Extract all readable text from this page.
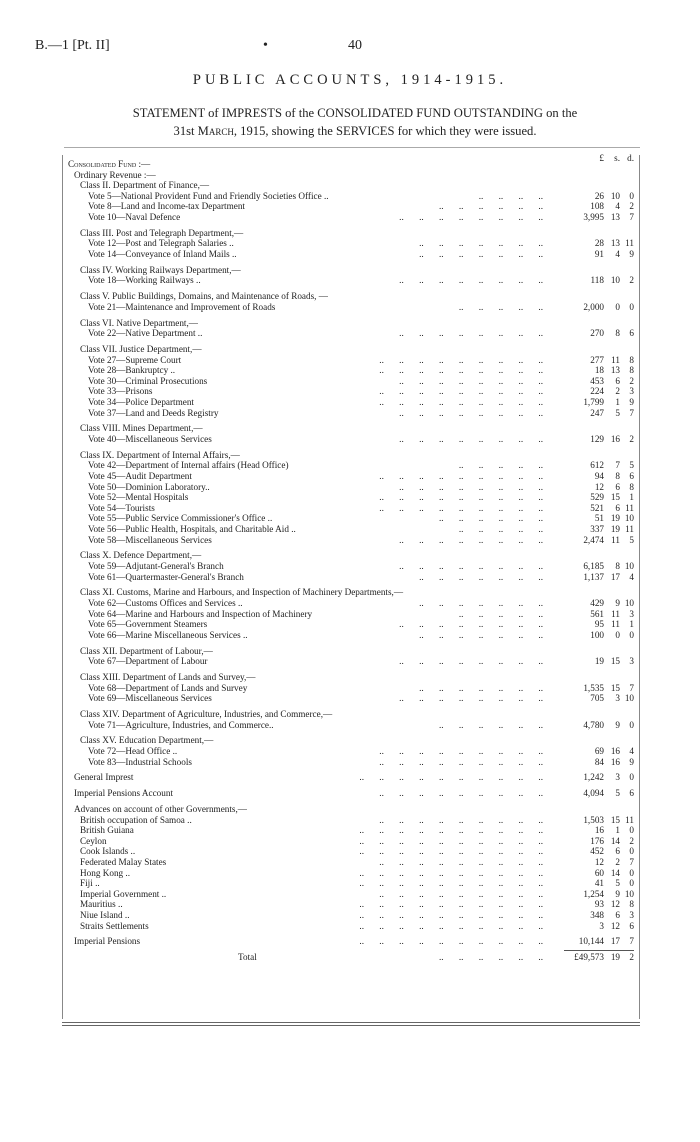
B.—1 [Pt. II]	•	40
PUBLIC ACCOUNTS, 1914-1915.
STATEMENT of IMPRESTS of the CONSOLIDATED FUND OUTSTANDING on the
31st March, 1915, showing the SERVICES for which they were issued.
£	s. d.
Consolidated Fund :—
Ordinary Revenue :—
Class II. Department of Finance,—
Vote 5—National Provident Fund and Friendly Societies Office ..	.. .. .. ..	26 10	0
Vote 8—Land and Income-tax Department	.. .. .. .. .. ..	108	4	2
Vote 10—Naval Defence	.. .. .. .. .. .. .. ..	3,995 13	7
Class III. Post and Telegraph Department,—
Vote 12—Post and Telegraph Salaries ..	.. .. .. .. .. .. ..	28 13 11
Vote 14—Conveyance of Inland Mails ..	.. .. .. .. .. .. ..	91	4	9
Class IV. Working Railways Department,—
Vote 18—Working Railways ..	.. .. .. .. .. .. .. ..	118 10	2
Class V. Public Buildings, Domains, and Maintenance of Roads, —
Vote 21—Maintenance and Improvement of Roads	.. .. .. .. ..	2,000	0	0
Class VI. Native Department,—
Vote 22—Native Department ..	.. .. .. .. .. .. .. ..	270	8	6
Class VII. Justice Department,—
Vote 27—Supreme Court	.. .. .. .. .. .. .. .. ..	277 11	8
Vote 28—Bankruptcy ..	.. .. .. .. .. .. .. .. ..	18 13	8
Vote 30—Criminal Prosecutions	.. .. .. .. .. .. .. ..	453	6	2
Vote 33—Prisons	.. .. .. .. .. .. .. .. ..	224	2	3
Vote 34—Police Department	.. .. .. .. .. .. .. .. ..	1,799	1	9
Vote 37—Land and Deeds Registry	.. .. .. .. .. .. .. ..	247	5	7
Class VIII. Mines Department,—
Vote 40—Miscellaneous Services	.. .. .. .. .. .. .. ..	129 16	2
Class IX. Department of Internal Affairs,—
Vote 42—Department of Internal affairs (Head Office)	.. .. .. .. ..	612	7	5
Vote 45—Audit Department	.. .. .. .. .. .. .. .. ..	94	8	6
Vote 50—Dominion Laboratory..	.. .. .. .. .. .. .. ..	12	6	8
Vote 52—Mental Hospitals	.. .. .. .. .. .. .. .. ..	529 15	1
Vote 54—Tourists	.. .. .. .. .. .. .. .. ..	521	6 11
Vote 55—Public Service Commissioner's Office ..	.. .. .. .. .. ..	51 19 10
Vote 56—Public Health, Hospitals, and Charitable Aid ..	.. .. .. .. ..	337 19 11
Vote 58—Miscellaneous Services	.. .. .. .. .. .. .. ..	2,474 11	5
Class X. Defence Department,—
Vote 59—Adjutant-General's Branch	.. .. .. .. .. .. .. ..	6,185	8 10
Vote 61—Quartermaster-General's Branch	.. .. .. .. .. .. ..	1,137 17	4
Class XI. Customs, Marine and Harbours, and Inspection of Machinery Departments,—
Vote 62—Customs Offices and Services ..	.. .. .. .. .. .. ..	429	9 10
Vote 64—Marine and Harbours and Inspection of Machinery	.. .. .. .. ..	561 11	3
Vote 65—Government Steamers	.. .. .. .. .. .. .. ..	95 11	1
Vote 66—Marine Miscellaneous Services ..	.. .. .. .. .. .. ..	100	0	0
Class XII. Department of Labour,—
Vote 67—Department of Labour	.. .. .. .. .. .. .. ..	19 15	3
Class XIII. Department of Lands and Survey,—
Vote 68—Department of Lands and Survey	.. .. .. .. .. .. ..	1,535 15	7
Vote 69—Miscellaneous Services	.. .. .. .. .. .. .. ..	705	3 10
Class XIV. Department of Agriculture, Industries, and Commerce,—
Vote 71—Agriculture, Industries, and Commerce..	.. .. .. .. .. ..	4,780	9	0
Class XV. Education Department,—
Vote 72—Head Office ..	.. .. .. .. .. .. .. .. ..	69 16	4
Vote 83—Industrial Schools	.. .. .. .. .. .. .. .. ..	84 16	9
General Imprest	.. .. .. .. .. .. .. .. .. ..	1,242	3	0
Imperial Pensions Account	.. .. .. .. .. .. .. .. ..	4,094	5	6
Advances on account of other Governments,—
British occupation of Samoa ..	.. .. .. .. .. .. .. .. ..	1,503 15 11
British Guiana	.. .. .. .. .. .. .. .. .. ..	16	1	0
Ceylon	.. .. .. .. .. .. .. .. .. ..	176 14	2
Cook Islands ..	.. .. .. .. .. .. .. .. .. ..	452	6	0
Federated Malay States	.. .. .. .. .. .. .. .. ..	12	2	7
Hong Kong ..	.. .. .. .. .. .. .. .. .. ..	60 14	0
Fiji ..	.. .. .. .. .. .. .. .. .. ..	41	5	0
Imperial Government ..	.. .. .. .. .. .. .. .. ..	1,254	9 10
Mauritius ..	.. .. .. .. .. .. .. .. .. ..	93 12	8
Niue Island ..	.. .. .. .. .. .. .. .. .. ..	348	6	3
Straits Settlements	.. .. .. .. .. .. .. .. .. ..	3 12	6
Imperial Pensions	.. .. .. .. .. .. .. .. .. ..	10,144 17	7
Total	.. .. .. .. .. ..	£49,573 19	2
